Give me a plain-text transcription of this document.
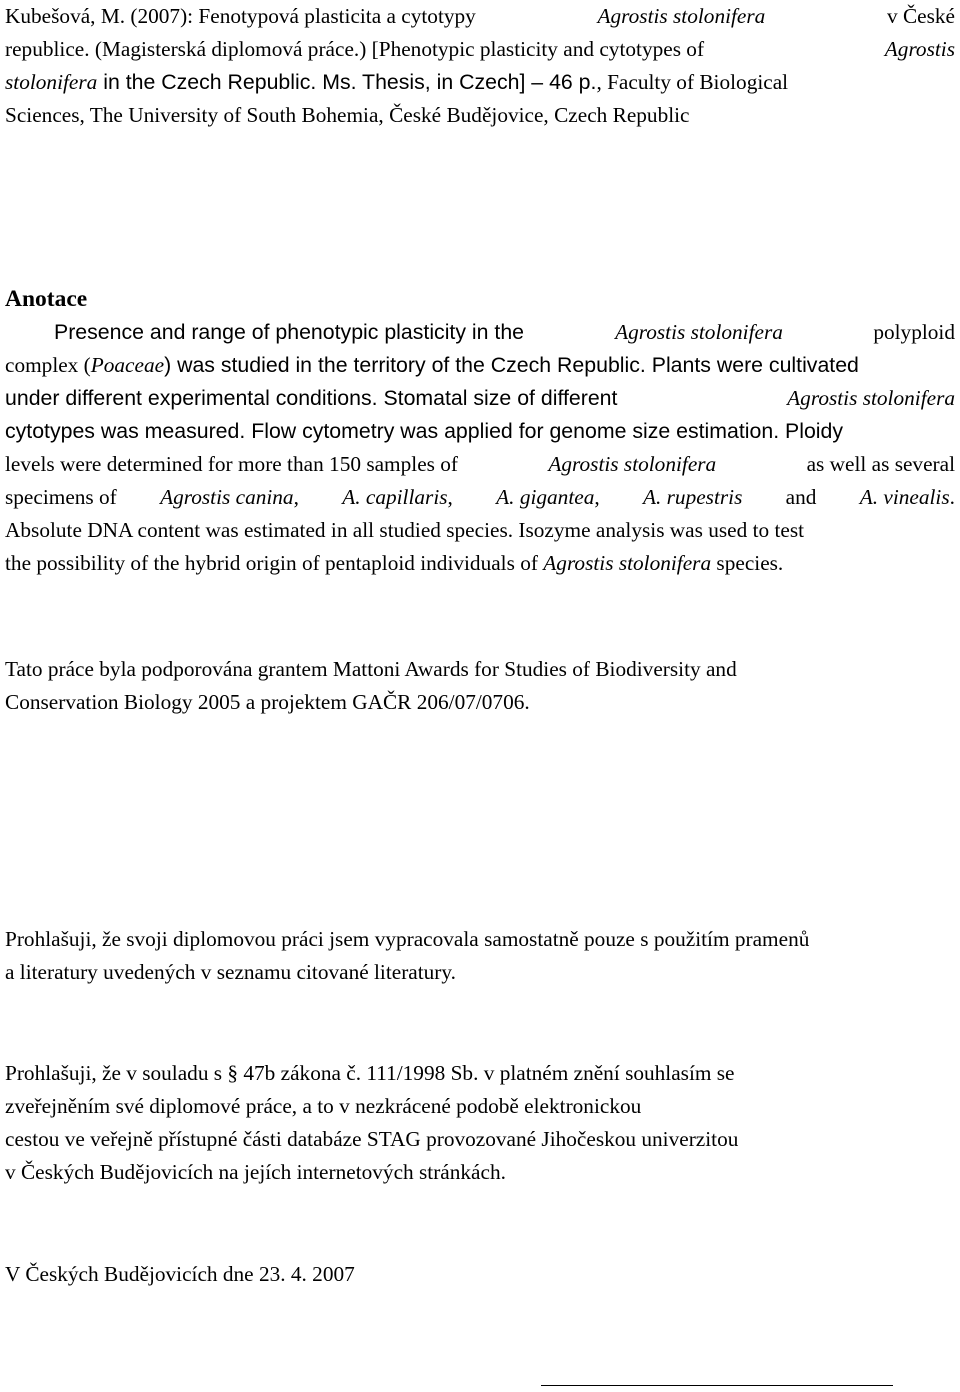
Kubešová, M. (2007): Fenotypová plasticita a cytotypy	Agrostis stolonifera	v České
republice. (Magisterská diplomová práce.) [Phenotypic plasticity and cytotypes of	Agrostis
stolonifera in the Czech Republic. Ms. Thesis, in Czech] – 46 p., Faculty of Biological
Sciences, The University of South Bohemia, České Budějovice, Czech Republic
Anotace
Presence and range of phenotypic plasticity in the	Agrostis stolonifera	polyploid
complex (Poaceae) was studied in the territory of the Czech Republic. Plants were cultivated
under different experimental conditions. Stomatal size of different	Agrostis stolonifera
cytotypes was measured. Flow cytometry was applied for genome size estimation. Ploidy
levels were determined for more than 150 samples of	Agrostis stolonifera	as well as several
specimens of Agrostis canina, A. capillaris, A. gigantea, A. rupestris and A. vinealis.
Absolute DNA content was estimated in all studied species. Isozyme analysis was used to test
the possibility of the hybrid origin of pentaploid individuals of Agrostis stolonifera species.
Tato práce byla podporována grantem Mattoni Awards for Studies of Biodiversity and
Conservation Biology 2005 a projektem GAČR 206/07/0706.
Prohlašuji, že svoji diplomovou práci jsem vypracovala samostatně pouze s použitím pramenů
a literatury uvedených v seznamu citované literatury.
Prohlašuji, že v souladu s § 47b zákona č. 111/1998 Sb. v platném znění souhlasím se
zveřejněním své diplomové práce, a to v nezkrácené podobě elektronickou
cestou ve veřejně přístupné části databáze STAG provozované Jihočeskou univerzitou
v Českých Budějovicích na jejích internetových stránkách.
V Českých Budějovicích dne 23. 4. 2007
